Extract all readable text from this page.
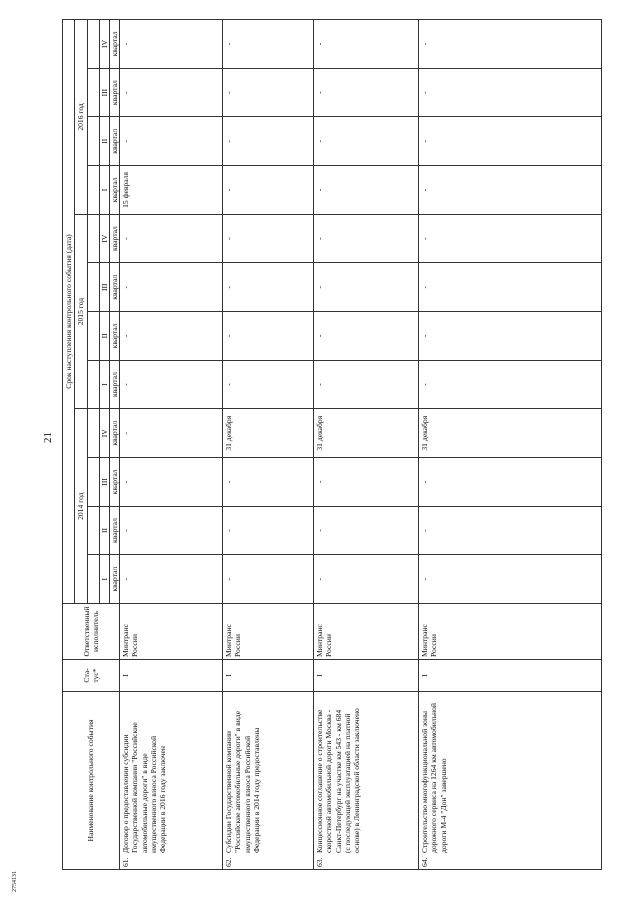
21
2754131
Наименование контрольного события	Ста-тус*	Ответственный исполнитель	Срок наступления контрольного события (дата)											
			2014 год				2015 год				2016 год			

			I	II	III	IV	I	II	III	IV	I	II	III	IV
			квартал	квартал	квартал	квартал	квартал	квартал	квартал	квартал	квартал	квартал	квартал	квартал
61.Договор о предоставлении субсидии Государственной компании "Российские автомобильные дороги" в виде имущественного взноса Российской Федерации в 2016 году заключен	I	Минтранс России	-	-	-	-	-	-	-	-	15 февраля	-	-	-
62.Субсидии Государственной компании "Российские автомобильные дороги" в виде имущественного взноса Российской Федерации в 2014 году предоставлены	I	Минтранс России	-	-	-	31 декабря	-	-	-	-	-	-	-	-
63.Концессионное соглашение о строительстве скоростной автомобильной дороги Москва - Санкт-Петербург на участке км 543 - км 684 (с последующей эксплуатацией на платной основе) в Ленинградской области заключено	I	Минтранс России	-	-	-	31 декабря	-	-	-	-	-	-	-	-
64.Строительство многофункциональной зоны дорожного сервиса на 1264 км автомобильной дороги М-4 "Дон" завершено	I	Минтранс России	-	-	-	31 декабря	-	-	-	-	-	-	-	-
